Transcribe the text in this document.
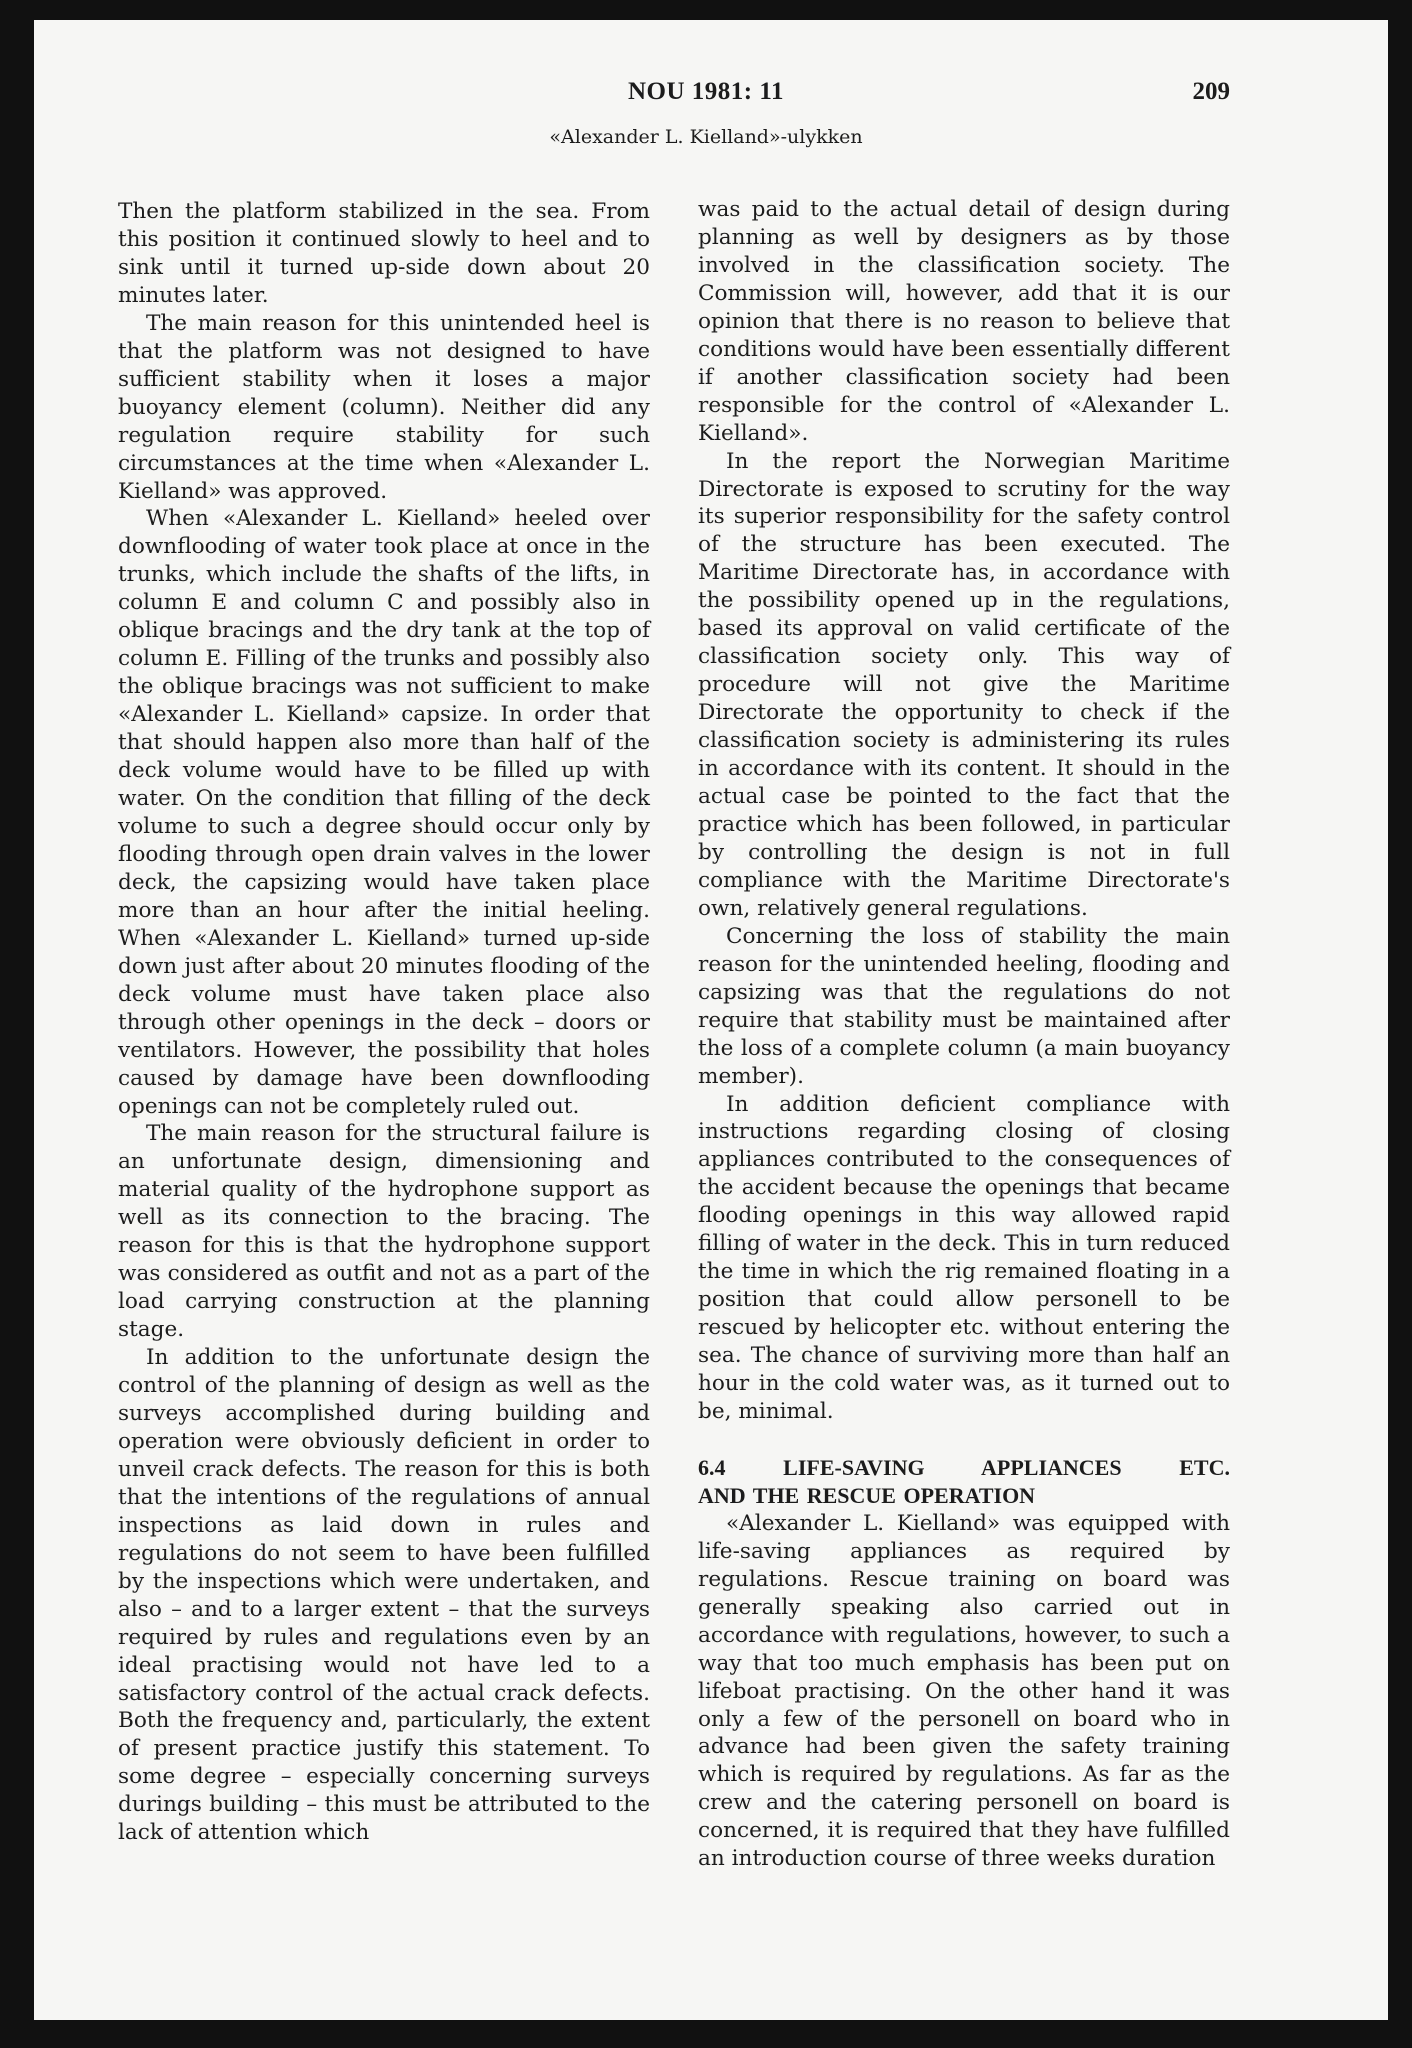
NOU 1981: 11	209
«Alexander L. Kielland»-ulykken

Then the platform stabilized in the sea. From this position it continued slowly to heel and to sink until it turned up-side down about 20 minutes later.

The main reason for this unintended heel is that the platform was not designed to have sufficient stability when it loses a major buoyancy element (column). Neither did any regulation require stability for such circumstances at the time when «Alexander L. Kielland» was approved.

When «Alexander L. Kielland» heeled over downflooding of water took place at once in the trunks, which include the shafts of the lifts, in column E and column C and possibly also in oblique bracings and the dry tank at the top of column E. Filling of the trunks and possibly also the oblique bracings was not sufficient to make «Alexander L. Kielland» capsize. In order that that should happen also more than half of the deck volume would have to be filled up with water. On the condition that filling of the deck volume to such a degree should occur only by flooding through open drain valves in the lower deck, the capsizing would have taken place more than an hour after the initial heeling. When «Alexander L. Kielland» turned up-side down just after about 20 minutes flooding of the deck volume must have taken place also through other openings in the deck – doors or ventilators. However, the possibility that holes caused by damage have been downflooding openings can not be completely ruled out.

The main reason for the structural failure is an unfortunate design, dimensioning and material quality of the hydrophone support as well as its connection to the bracing. The reason for this is that the hydrophone support was considered as outfit and not as a part of the load carrying construction at the planning stage.

In addition to the unfortunate design the control of the planning of design as well as the surveys accomplished during building and operation were obviously deficient in order to unveil crack defects. The reason for this is both that the intentions of the regulations of annual inspections as laid down in rules and regulations do not seem to have been fulfilled by the inspections which were undertaken, and also – and to a larger extent – that the surveys required by rules and regulations even by an ideal practising would not have led to a satisfactory control of the actual crack defects. Both the frequency and, particularly, the extent of present practice justify this statement. To some degree – especially concerning surveys durings building – this must be attributed to the lack of attention which

was paid to the actual detail of design during planning as well by designers as by those involved in the classification society. The Commission will, however, add that it is our opinion that there is no reason to believe that conditions would have been essentially different if another classification society had been responsible for the control of «Alexander L. Kielland».

In the report the Norwegian Maritime Directorate is exposed to scrutiny for the way its superior responsibility for the safety control of the structure has been executed. The Maritime Directorate has, in accordance with the possibility opened up in the regulations, based its approval on valid certificate of the classification society only. This way of procedure will not give the Maritime Directorate the opportunity to check if the classification society is administering its rules in accordance with its content. It should in the actual case be pointed to the fact that the practice which has been followed, in particular by controlling the design is not in full compliance with the Maritime Directorate's own, relatively general regulations.

Concerning the loss of stability the main reason for the unintended heeling, flooding and capsizing was that the regulations do not require that stability must be maintained after the loss of a complete column (a main buoyancy member).

In addition deficient compliance with instructions regarding closing of closing appliances contributed to the consequences of the accident because the openings that became flooding openings in this way allowed rapid filling of water in the deck. This in turn reduced the time in which the rig remained floating in a position that could allow personell to be rescued by helicopter etc. without entering the sea. The chance of surviving more than half an hour in the cold water was, as it turned out to be, minimal.

6.4 LIFE-SAVING APPLIANCES ETC.
AND THE RESCUE OPERATION

«Alexander L. Kielland» was equipped with life-saving appliances as required by regulations. Rescue training on board was generally speaking also carried out in accordance with regulations, however, to such a way that too much emphasis has been put on lifeboat practising. On the other hand it was only a few of the personell on board who in advance had been given the safety training which is required by regulations. As far as the crew and the catering personell on board is concerned, it is required that they have fulfilled an introduction course of three weeks duration
